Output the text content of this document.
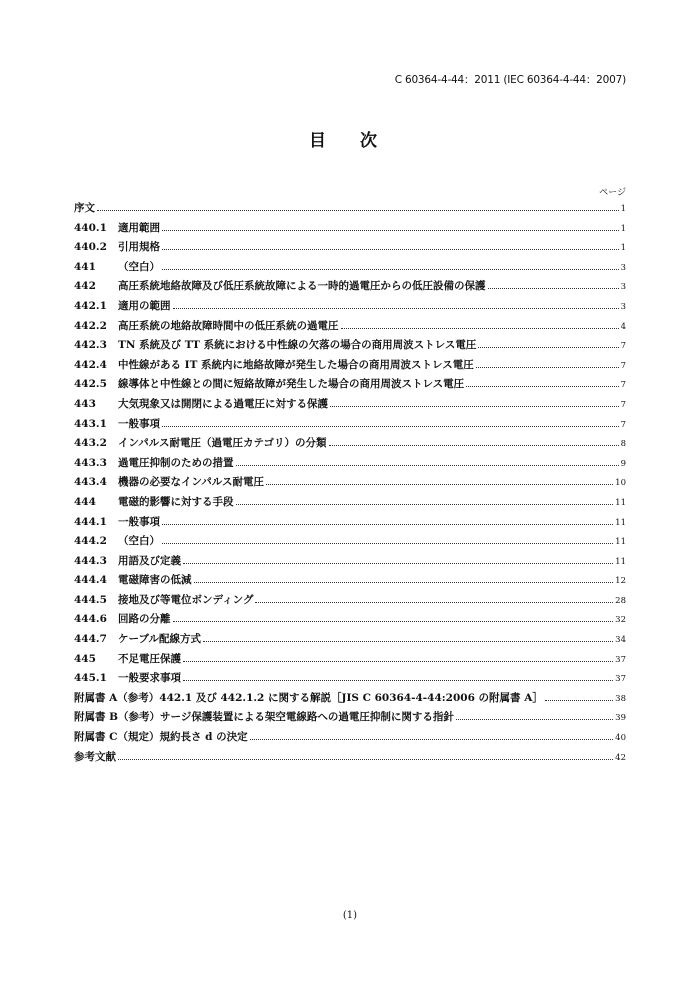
C 60364-4-44：2011 (IEC 60364-4-44：2007)
目 次
ページ
序文	1
440.1	適用範囲	1
440.2	引用規格	1
441	（空白）	3
442	高圧系統地絡故障及び低圧系統故障による一時的過電圧からの低圧設備の保護	3
442.1	適用の範囲	3
442.2	高圧系統の地絡故障時間中の低圧系統の過電圧	4
442.3	TN 系統及び TT 系統における中性線の欠落の場合の商用周波ストレス電圧	7
442.4	中性線がある IT 系統内に地絡故障が発生した場合の商用周波ストレス電圧	7
442.5	線導体と中性線との間に短絡故障が発生した場合の商用周波ストレス電圧	7
443	大気現象又は開閉による過電圧に対する保護	7
443.1	一般事項	7
443.2	インパルス耐電圧（過電圧カテゴリ）の分類	8
443.3	過電圧抑制のための措置	9
443.4	機器の必要なインパルス耐電圧	10
444	電磁的影響に対する手段	11
444.1	一般事項	11
444.2	（空白）	11
444.3	用語及び定義	11
444.4	電磁障害の低減	12
444.5	接地及び等電位ボンディング	28
444.6	回路の分離	32
444.7	ケーブル配線方式	34
445	不足電圧保護	37
445.1	一般要求事項	37
附属書 A（参考）442.1 及び 442.1.2 に関する解説［JIS C 60364-4-44:2006 の附属書 A］	38
附属書 B（参考）サージ保護装置による架空電線路への過電圧抑制に関する指針	39
附属書 C（規定）規約長さ d の決定	40
参考文献	42
(1)
